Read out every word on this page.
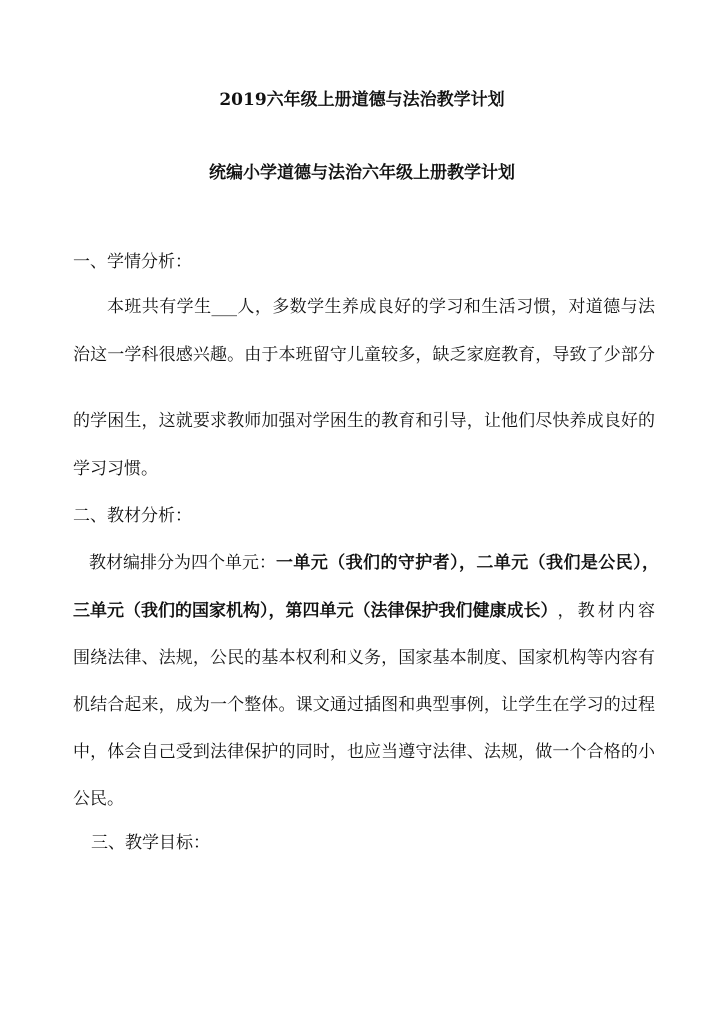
2019六年级上册道德与法治教学计划
统编小学道德与法治六年级上册教学计划
一、学情分析：
本班共有学生___人，多数学生养成良好的学习和生活习惯，对道德与法
治这一学科很感兴趣。由于本班留守儿童较多，缺乏家庭教育，导致了少部分
的学困生，这就要求教师加强对学困生的教育和引导，让他们尽快养成良好的
学习习惯。
二、教材分析：
教材编排分为四个单元： 一单元（我们的守护者），二单元（我们是公民），
三单元（我们的国家机构），第四单元（法律保护我们健康成长） ，教材内容
围绕法律、法规，公民的基本权利和义务，国家基本制度、国家机构等内容有
机结合起来，成为一个整体。课文通过插图和典型事例，让学生在学习的过程
中，体会自己受到法律保护的同时，也应当遵守法律、法规，做一个合格的小
公民。
三、教学目标：
